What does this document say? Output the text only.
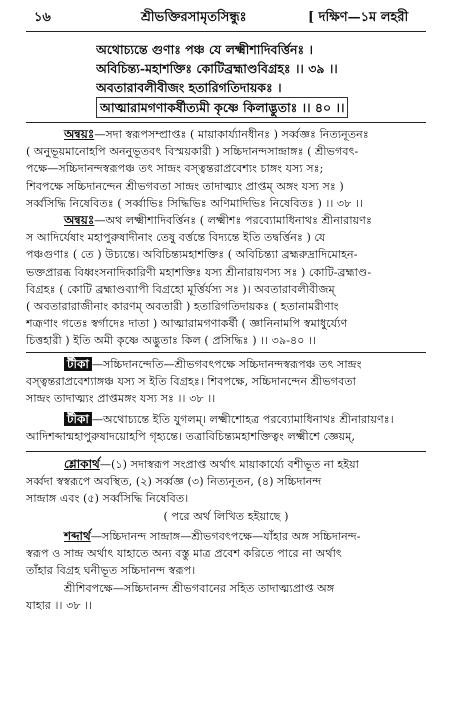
১৬	শ্রীভক্তিরসামৃতসিন্ধুঃ	[ দক্ষিণ—১ম লহরী
অথোচ্যন্তে গুণাঃ পঞ্চ যে লক্ষ্মীশাদিবর্ত্তিনঃ ।
অবিচিন্ত্য-মহাশক্তিঃ কোটিব্রহ্মাণ্ডবিগ্রহঃ ।। ৩৯ ।।
অবতারাবলীবীজং হতারিগতিদায়কঃ ।
আত্মারামগণাকর্ষীত্যমী কৃষ্ণে কিলাদ্ভুতাঃ ।। ৪০ ।।
অন্বয়ঃ—সদা স্বরূপসম্প্রাপ্তঃ ( মায়াকার্য্যানধীনঃ ) সর্ব্বজ্ঞঃ নিত্যনূতনঃ
( অনুভূয়মানোহপি অননুভূতবৎ বিস্ময়কারী ) সচ্চিদানন্দসান্দ্রাঙ্গঃ ( শ্রীভগবৎ-
পক্ষে—সচ্চিদানন্দস্বরূপঞ্চ তৎ সান্দ্রং বস্ত্বন্তরাপ্রবেশ্যং চাঙ্গং যস্য সঃ;
শিবপক্ষে সচ্চিদানন্দেন শ্রীভগবতা সান্দ্রং তাদাত্ম্যং প্রাপ্তম্ অঙ্গং যস্য সঃ )
সর্ব্বসিদ্ধি নিষেবিতঃ ( সর্ব্বাভিঃ সিদ্ধিভিঃ অণিমাদিভিঃ নিষেবিতঃ ) ।। ৩৮ ।।
অন্বয়ঃ—অথ লক্ষ্মীশাদিবর্ত্তিনঃ ( লক্ষ্মীশঃ পরব্যোমাধিনাথঃ শ্রীনারায়ণঃ
স আদির্যেষাং মহাপুরুষাদীনাং তেষু বর্ত্তন্তে বিদ্যন্তে ইতি তদ্বর্ত্তিনঃ ) যে
পঞ্চগুণাঃ ( তে ) উচ্যন্তে। অবিচিন্ত্যমহাশক্তিঃ ( অবিচিন্ত্যা ব্রহ্মরুদ্রাদিমোহন-
ভক্তপ্রারব্ধ বিধ্বংসনাদিকারিণী মহাশক্তিঃ যস্য শ্রীনারায়ণস্য সঃ ) কোটি-ব্রহ্মাণ্ড-
বিগ্রহঃ ( কোটি ব্রহ্মাণ্ডব্যাপী বিগ্রহো মূর্ত্তির্যস্য সঃ )। অবতারাবলীবীজম্
( অবতারারাজীনাং কারণম্ অবতারী ) হতারিগতিদায়কঃ ( হতানামরীণাং
শত্রূণাং গতেঃ স্বর্গাদেঃ দাতা ) আত্মারামগণাকর্ষী ( জ্ঞানিনামপি স্বমাধুর্য্যেণ
চিত্তহারী ) ইতি অমী কৃষ্ণে অদ্ভুতাঃ কিল ( প্রসিদ্ধিঃ ) ।। ৩৯-৪০ ।।
টীকা —সচ্চিদানন্দেতি—শ্রীভগবৎপক্ষে সচ্চিদানন্দস্বরূপঞ্চ তৎ সান্দ্রং
বস্ত্বন্তরাপ্রবেশ্যাঙ্গঞ্চ যস্য স ইতি বিগ্রহঃ। শিবপক্ষে, সচ্চিদানন্দেন শ্রীভগবতা
সান্দ্রং তাদাত্ম্যং প্রাপ্তমঙ্গং যস্য সঃ ।। ৩৮ ।।
টীকা —অথোচ্যন্তে ইতি যুগলম্। লক্ষ্মীশোহত্র পরব্যোমাধিনাথঃ শ্রীনারায়ণঃ।
আদিশব্দান্মহাপুরুষাদয়োহপি গৃহ্যন্তে। তত্রাবিচিন্ত্যমহাশক্তিত্বং লক্ষ্মীশে জ্ঞেয়ম্,
শ্লোকার্থ—(১) সদাস্বরূপ সংপ্রাপ্ত অর্থাৎ মায়াকার্য্যে বশীভূত না হইয়া
সর্ব্বদা স্বস্বরূপে অবস্থিত, (২) সর্ব্বজ্ঞ (৩) নিত্যনূতন, (৪) সচ্চিদানন্দ
সান্দ্রাঙ্গ এবং (৫) সর্ব্বসিদ্ধি নিষেবিত।
( পরে অর্থ লিখিত হইয়াছে )
শব্দার্থ—সচ্চিদানন্দ সান্দ্রাঙ্গ—শ্রীভগবৎপক্ষে—যাঁহার অঙ্গ সচ্চিদানন্দ-
স্বরূপ ও সান্দ্র অর্থাৎ যাহাতে অন্য বস্তু মাত্র প্রবেশ করিতে পারে না অর্থাৎ
তাঁহার বিগ্রহ ঘনীভূত সচ্চিদানন্দ স্বরূপ।
শ্রীশিবপক্ষে—সচ্চিদানন্দ শ্রীভগবানের সহিত তাদাত্ম্যপ্রাপ্ত অঙ্গ
যাহার ।। ৩৮ ।।
